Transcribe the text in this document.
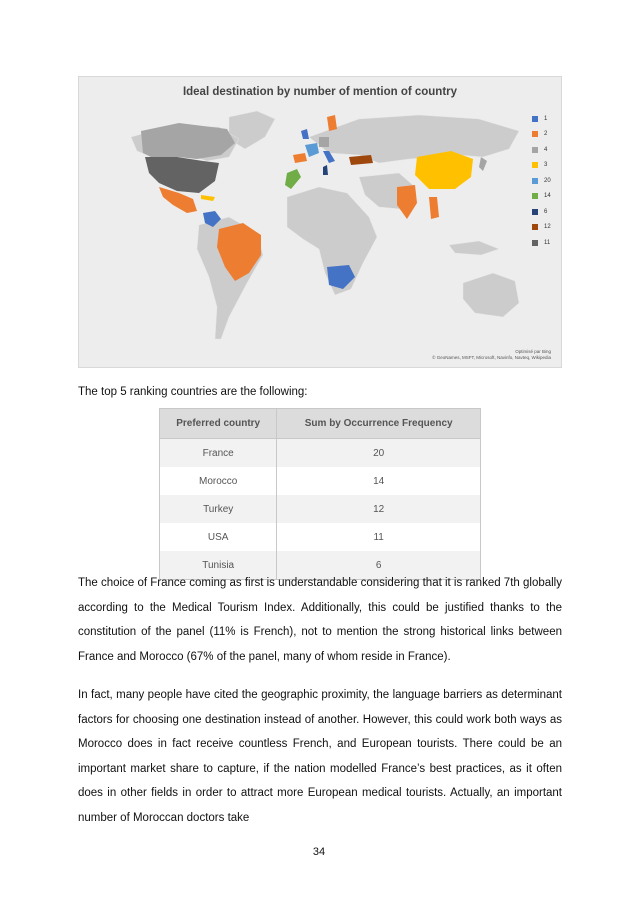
Ideal destination by number of mention of country
1
2
4
3
20
14
6
12
11
Optimisé par Bing
© GeoNames, MSFT, Microsoft, Navinfo, Navteq, Wikipedia
The top 5 ranking countries are the following:
Preferred country	Sum by Occurrence Frequency
France	20
Morocco	14
Turkey	12
USA	11
Tunisia	6
The choice of France coming as first is understandable considering that it is ranked 7th globally according to the Medical Tourism Index. Additionally, this could be justified thanks to the constitution of the panel (11% is French), not to mention the strong historical links between France and Morocco (67% of the panel, many of whom reside in France).
In fact, many people have cited the geographic proximity, the language barriers as determinant factors for choosing one destination instead of another. However, this could work both ways as Morocco does in fact receive countless French, and European tourists. There could be an important market share to capture, if the nation modelled France’s best practices, as it often does in other fields in order to attract more European medical tourists. Actually, an important number of Moroccan doctors take
34
